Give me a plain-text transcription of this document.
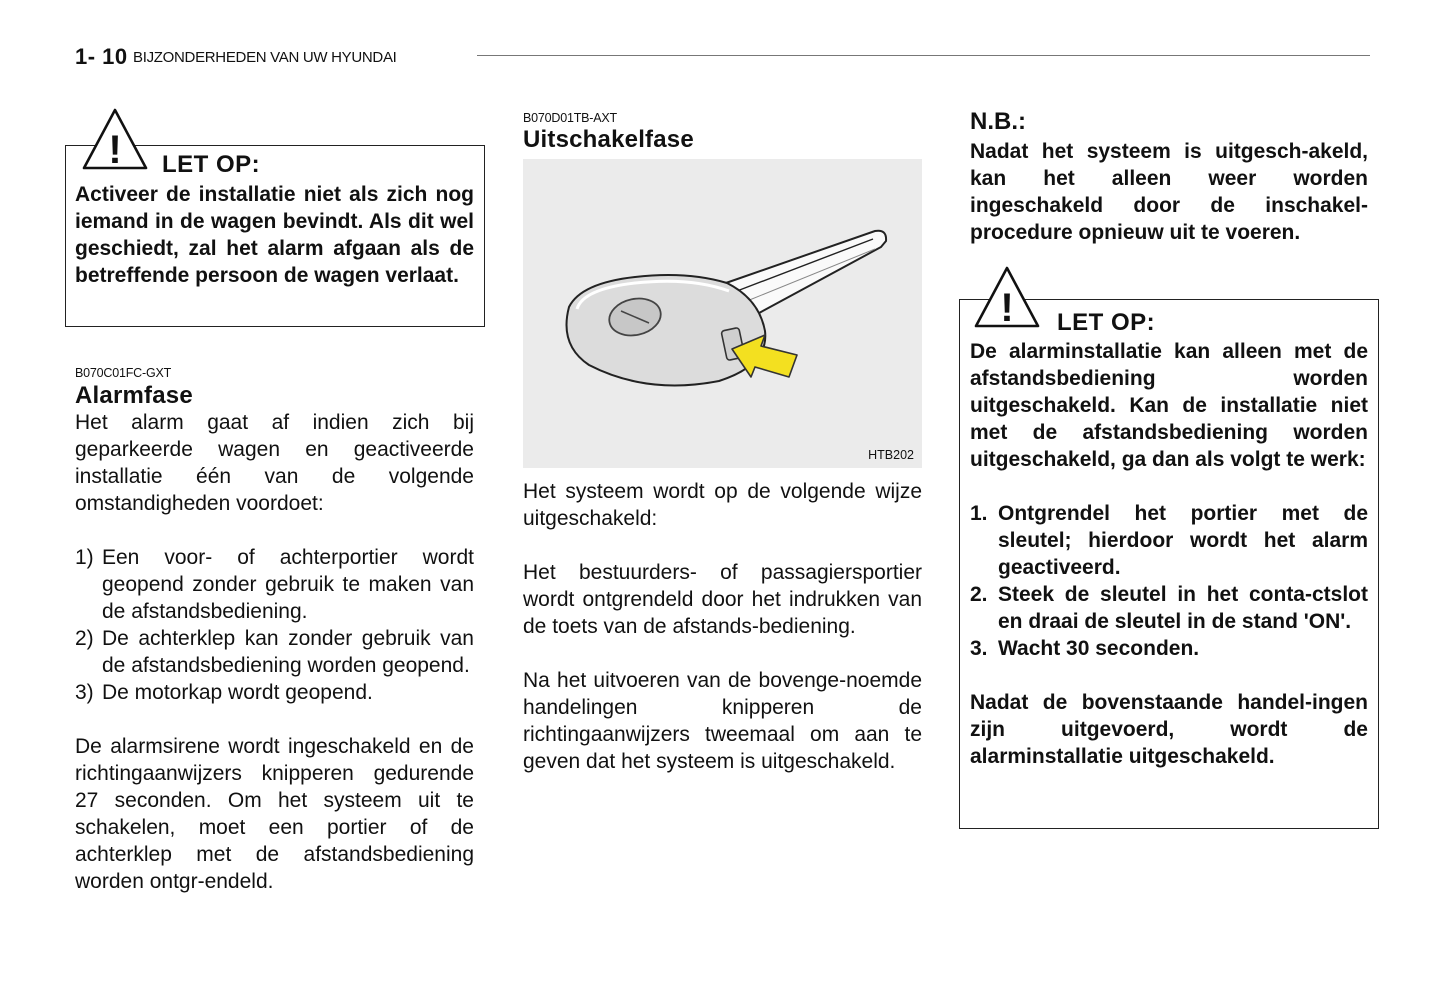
1- 10 BIJZONDERHEDEN VAN UW HYUNDAI
! LET OP:
Activeer de installatie niet als zich nog iemand in de wagen bevindt. Als dit wel geschiedt, zal het alarm afgaan als de betreffende persoon de wagen verlaat.
B070C01FC-GXT
Alarmfase
Het alarm gaat af indien zich bij geparkeerde wagen en geactiveerde installatie één van de volgende omstandigheden voordoet:
1) Een voor- of achterportier wordt geopend zonder gebruik te maken van de afstandsbediening.
2) De achterklep kan zonder gebruik van de afstandsbediening worden geopend.
3) De motorkap wordt geopend.
De alarmsirene wordt ingeschakeld en de richtingaanwijzers knipperen gedurende 27 seconden. Om het systeem uit te schakelen, moet een portier of de achterklep met de afstandsbediening worden ontgr-endeld.
B070D01TB-AXT
Uitschakelfase
HTB202
Het systeem wordt op de volgende wijze uitgeschakeld:
Het bestuurders- of passagiersportier wordt ontgrendeld door het indrukken van de toets van de afstands-bediening.
Na het uitvoeren van de bovenge-noemde handelingen knipperen de richtingaanwijzers tweemaal om aan te geven dat het systeem is uitgeschakeld.
N.B.:
Nadat het systeem is uitgesch-akeld, kan het alleen weer worden ingeschakeld door de inschakel-procedure opnieuw uit te voeren.
! LET OP:
De alarminstallatie kan alleen met de afstandsbediening worden uitgeschakeld. Kan de installatie niet met de afstandsbediening worden uitgeschakeld, ga dan als volgt te werk:
1. Ontgrendel het portier met de sleutel; hierdoor wordt het alarm geactiveerd.
2. Steek de sleutel in het conta-ctslot en draai de sleutel in de stand 'ON'.
3. Wacht 30 seconden.
Nadat de bovenstaande handel-ingen zijn uitgevoerd, wordt de alarminstallatie uitgeschakeld.
